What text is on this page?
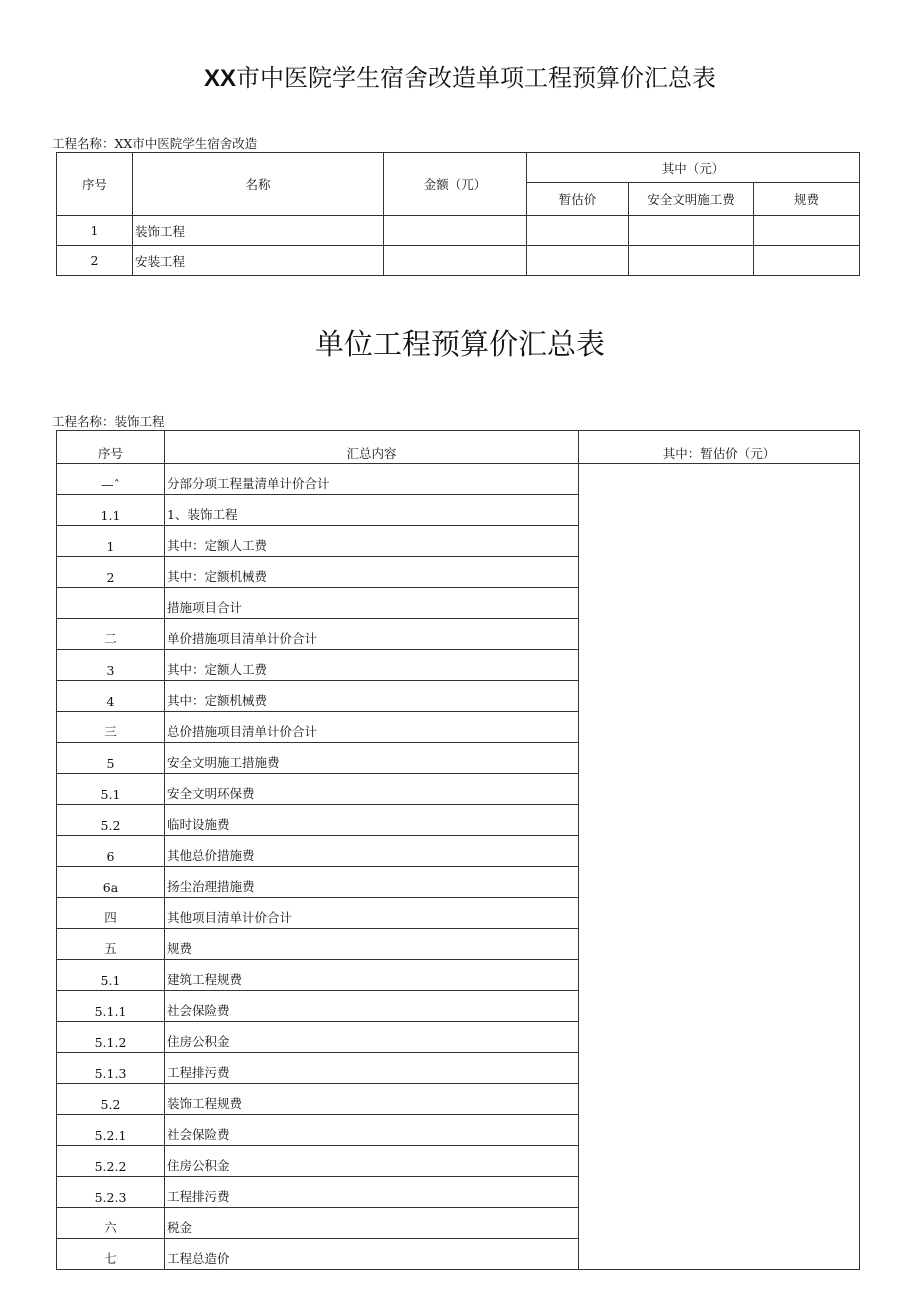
XX市中医院学生宿舍改造单项工程预算价汇总表
工程名称：XX市中医院学生宿舍改造
序号	名称	金额（兀）	其中（元）		
			暂估价	安全文明施工费	规费
1	装饰工程				
2	安装工程				
单位工程预算价汇总表
工程名称：装饰工程
序号	汇总内容	其中：暂估价（元）
—ˆ	分部分项工程量清单计价合计	
1.1	1、装饰工程	
1	其中：定额人工费	
2	其中：定额机械费	
	措施项目合计	
二	单价措施项目清单计价合计	
3	其中：定额人工费	
4	其中：定额机械费	
三	总价措施项目清单计价合计	
5	安全文明施工措施费	
5.1	安全文明环保费	
5.2	临时设施费	
6	其他总价措施费	
6a	扬尘治理措施费	
四	其他项目清单计价合计	
五	规费	
5.1	建筑工程规费	
5.1.1	社会保险费	
5.1.2	住房公积金	
5.1.3	工程排污费	
5.2	装饰工程规费	
5.2.1	社会保险费	
5.2.2	住房公积金	
5.2.3	工程排污费	
六	税金	
七	工程总造价	
